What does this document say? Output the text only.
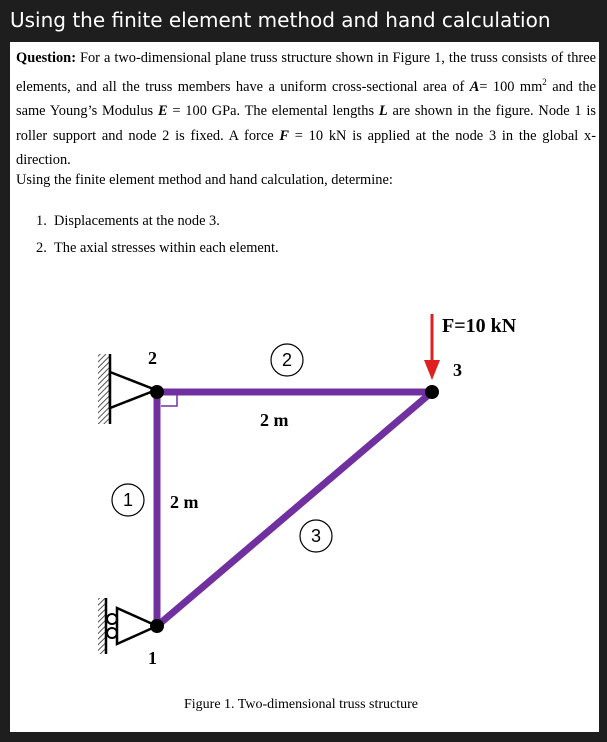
Using the finite element method and hand calculation
Question: For a two-dimensional plane truss structure shown in Figure 1, the truss consists of three elements, and all the truss members have a uniform cross-sectional area of A= 100 $mm^2$ and the same Young’s Modulus E = 100 GPa. The elemental lengths L are shown in the figure. Node 1 is roller support and node 2 is fixed. A force F = 10 kN is applied at the node 3 in the global x-direction.
Using the finite element method and hand calculation, determine:
1. Displacements at the node 3.
2. The axial stresses within each element.
F=10 kN
3
2
1
2 m
2 m
2
1
3
Figure 1. Two-dimensional truss structure
